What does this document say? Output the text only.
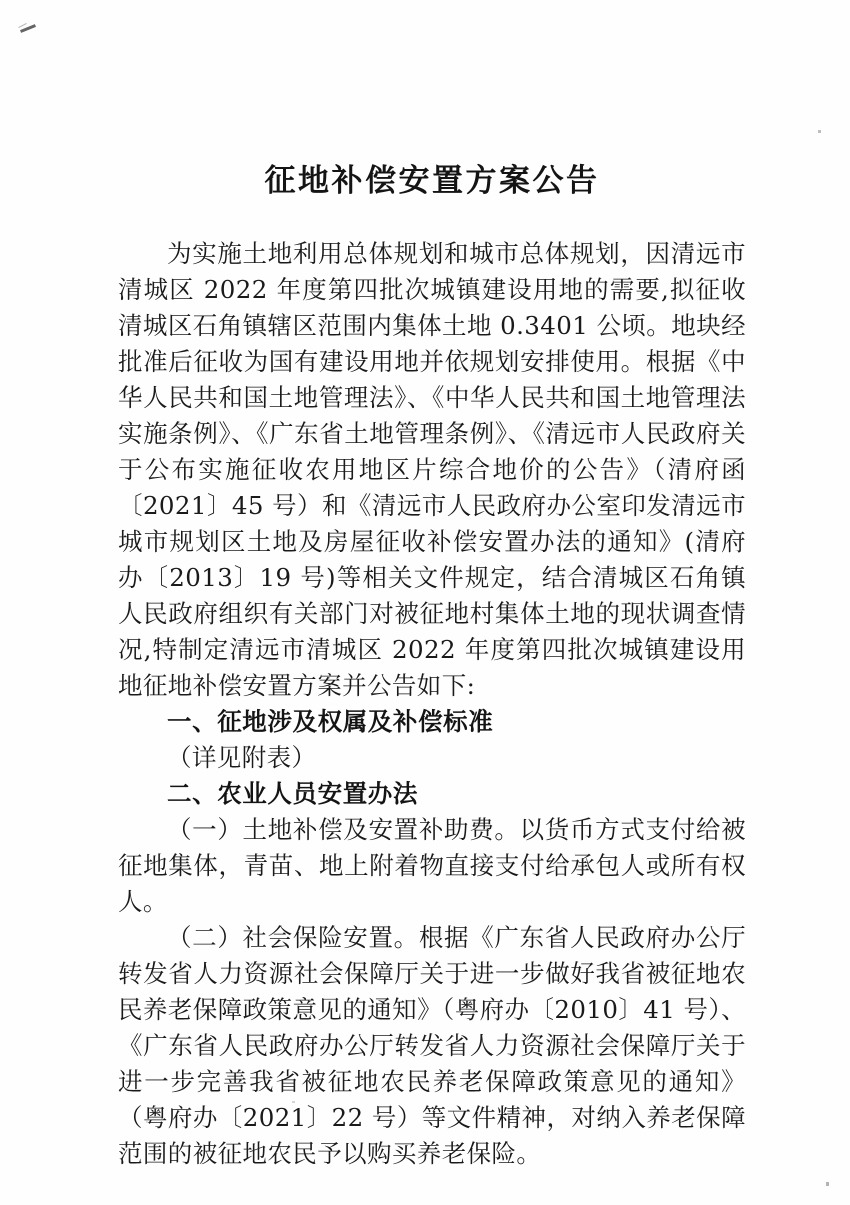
征地补偿安置方案公告

为实施土地利用总体规划和城市总体规划，因清远市清城区 2022 年度第四批次城镇建设用地的需要,拟征收清城区石角镇辖区范围内集体土地 0.3401 公顷。地块经批准后征收为国有建设用地并依规划安排使用。根据《中华人民共和国土地管理法》、《中华人民共和国土地管理法实施条例》、《广东省土地管理条例》、《清远市人民政府关于公布实施征收农用地区片综合地价的公告》（清府函〔2021〕45 号）和《清远市人民政府办公室印发清远市城市规划区土地及房屋征收补偿安置办法的通知》(清府办〔2013〕19 号)等相关文件规定，结合清城区石角镇人民政府组织有关部门对被征地村集体土地的现状调查情况,特制定清远市清城区 2022 年度第四批次城镇建设用地征地补偿安置方案并公告如下:

一、征地涉及权属及补偿标准

（详见附表）

二、农业人员安置办法

（一）土地补偿及安置补助费。以货币方式支付给被征地集体，青苗、地上附着物直接支付给承包人或所有权人。

（二）社会保险安置。根据《广东省人民政府办公厅转发省人力资源社会保障厅关于进一步做好我省被征地农民养老保障政策意见的通知》（粤府办〔2010〕41 号）、《广东省人民政府办公厅转发省人力资源社会保障厅关于进一步完善我省被征地农民养老保障政策意见的通知》（粤府办〔2021〕22 号）等文件精神，对纳入养老保障范围的被征地农民予以购买养老保险。
